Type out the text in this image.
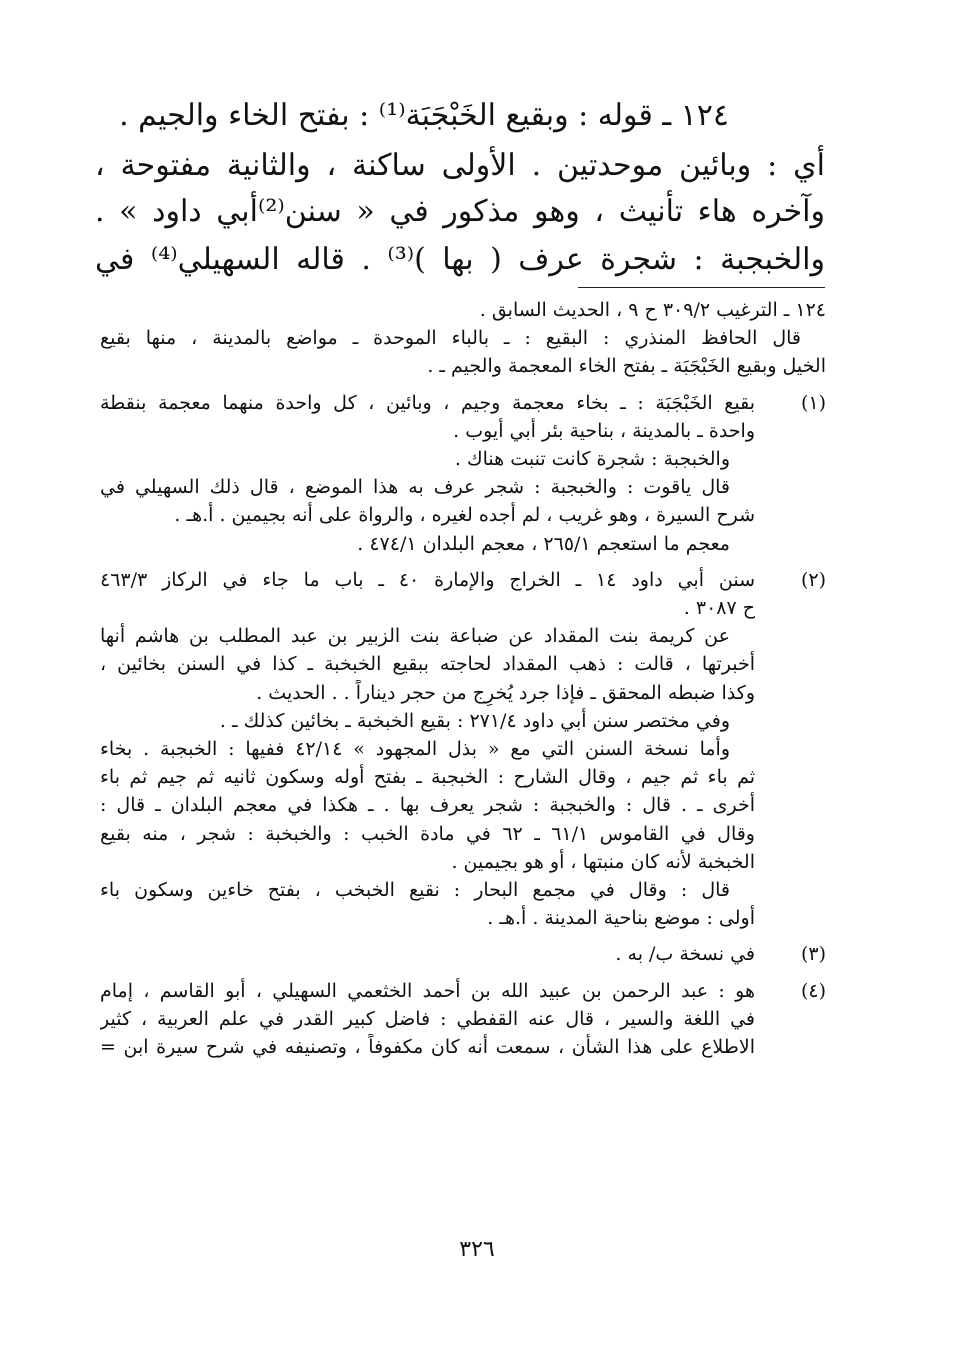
١٢٤ ـ قوله : وبقيع الخَبْجَبَة⁽¹⁾ : بفتح الخاء والجيم .
أي : وبائين موحدتين . الأولى ساكنة ، والثانية مفتوحة ،
وآخره هاء تأنيث ، وهو مذكور في « سنن⁽²⁾أبي داود » .
والخبجبة : شجرة عرف ( بها )⁽³⁾ . قاله السهيلي⁽⁴⁾ في
١٢٤ ـ الترغيب ٣٠٩/٢ ح ٩ ، الحديث السابق .
قال الحافظ المنذري : البقيع : ـ بالباء الموحدة ـ مواضع بالمدينة ، منها بقيع
الخيل وبقيع الخَبْجَبَة ـ بفتح الخاء المعجمة والجيم ـ .
(١)
بقيع الخَبْجَبَة : ـ بخاء معجمة وجيم ، وبائين ، كل واحدة منهما معجمة بنقطة
واحدة ـ بالمدينة ، بناحية بئر أبي أيوب .
والخبجبة : شجرة كانت تنبت هناك .
قال ياقوت : والخبجبة : شجر عرف به هذا الموضع ، قال ذلك السهيلي في
شرح السيرة ، وهو غريب ، لم أجده لغيره ، والرواة على أنه بجيمين . أ.هـ .
معجم ما استعجم ٢٦٥/١ ، معجم البلدان ٤٧٤/١ .
(٢)
سنن أبي داود ١٤ ـ الخراج والإمارة ٤٠ ـ باب ما جاء في الركاز ٤٦٣/٣
ح ٣٠٨٧ .
عن كريمة بنت المقداد عن ضباعة بنت الزبير بن عبد المطلب بن هاشم أنها
أخبرتها ، قالت : ذهب المقداد لحاجته ببقيع الخبخبة ـ كذا في السنن بخائين ،
وكذا ضبطه المحقق ـ فإذا جرد يُخرِج من حجر ديناراً . . الحديث .
وفي مختصر سنن أبي داود ٢٧١/٤ : بقيع الخبخبة ـ بخائين كذلك ـ .
وأما نسخة السنن التي مع « بذل المجهود » ٤٢/١٤ ففيها : الخبجبة . بخاء
ثم باء ثم جيم ، وقال الشارح : الخبجبة ـ بفتح أوله وسكون ثانيه ثم جيم ثم باء
أخرى ـ . قال : والخبجبة : شجر يعرف بها . ـ هكذا في معجم البلدان ـ قال :
وقال في القاموس ٦١/١ ـ ٦٢ في مادة الخبب : والخبخبة : شجر ، منه بقيع
الخبخبة لأنه كان منبتها ، أو هو بجيمين .
قال : وقال في مجمع البحار : نقيع الخبخب ، بفتح خاءين وسكون باء
أولى : موضع بناحية المدينة . أ.هـ .
(٣)
في نسخة ب/ به .
(٤)
هو : عبد الرحمن بن عبيد الله بن أحمد الخثعمي السهيلي ، أبو القاسم ، إمام
في اللغة والسير ، قال عنه القفطي : فاضل كبير القدر في علم العربية ، كثير
الاطلاع على هذا الشأن ، سمعت أنه كان مكفوفاً ، وتصنيفه في شرح سيرة ابن =
٣٢٦
